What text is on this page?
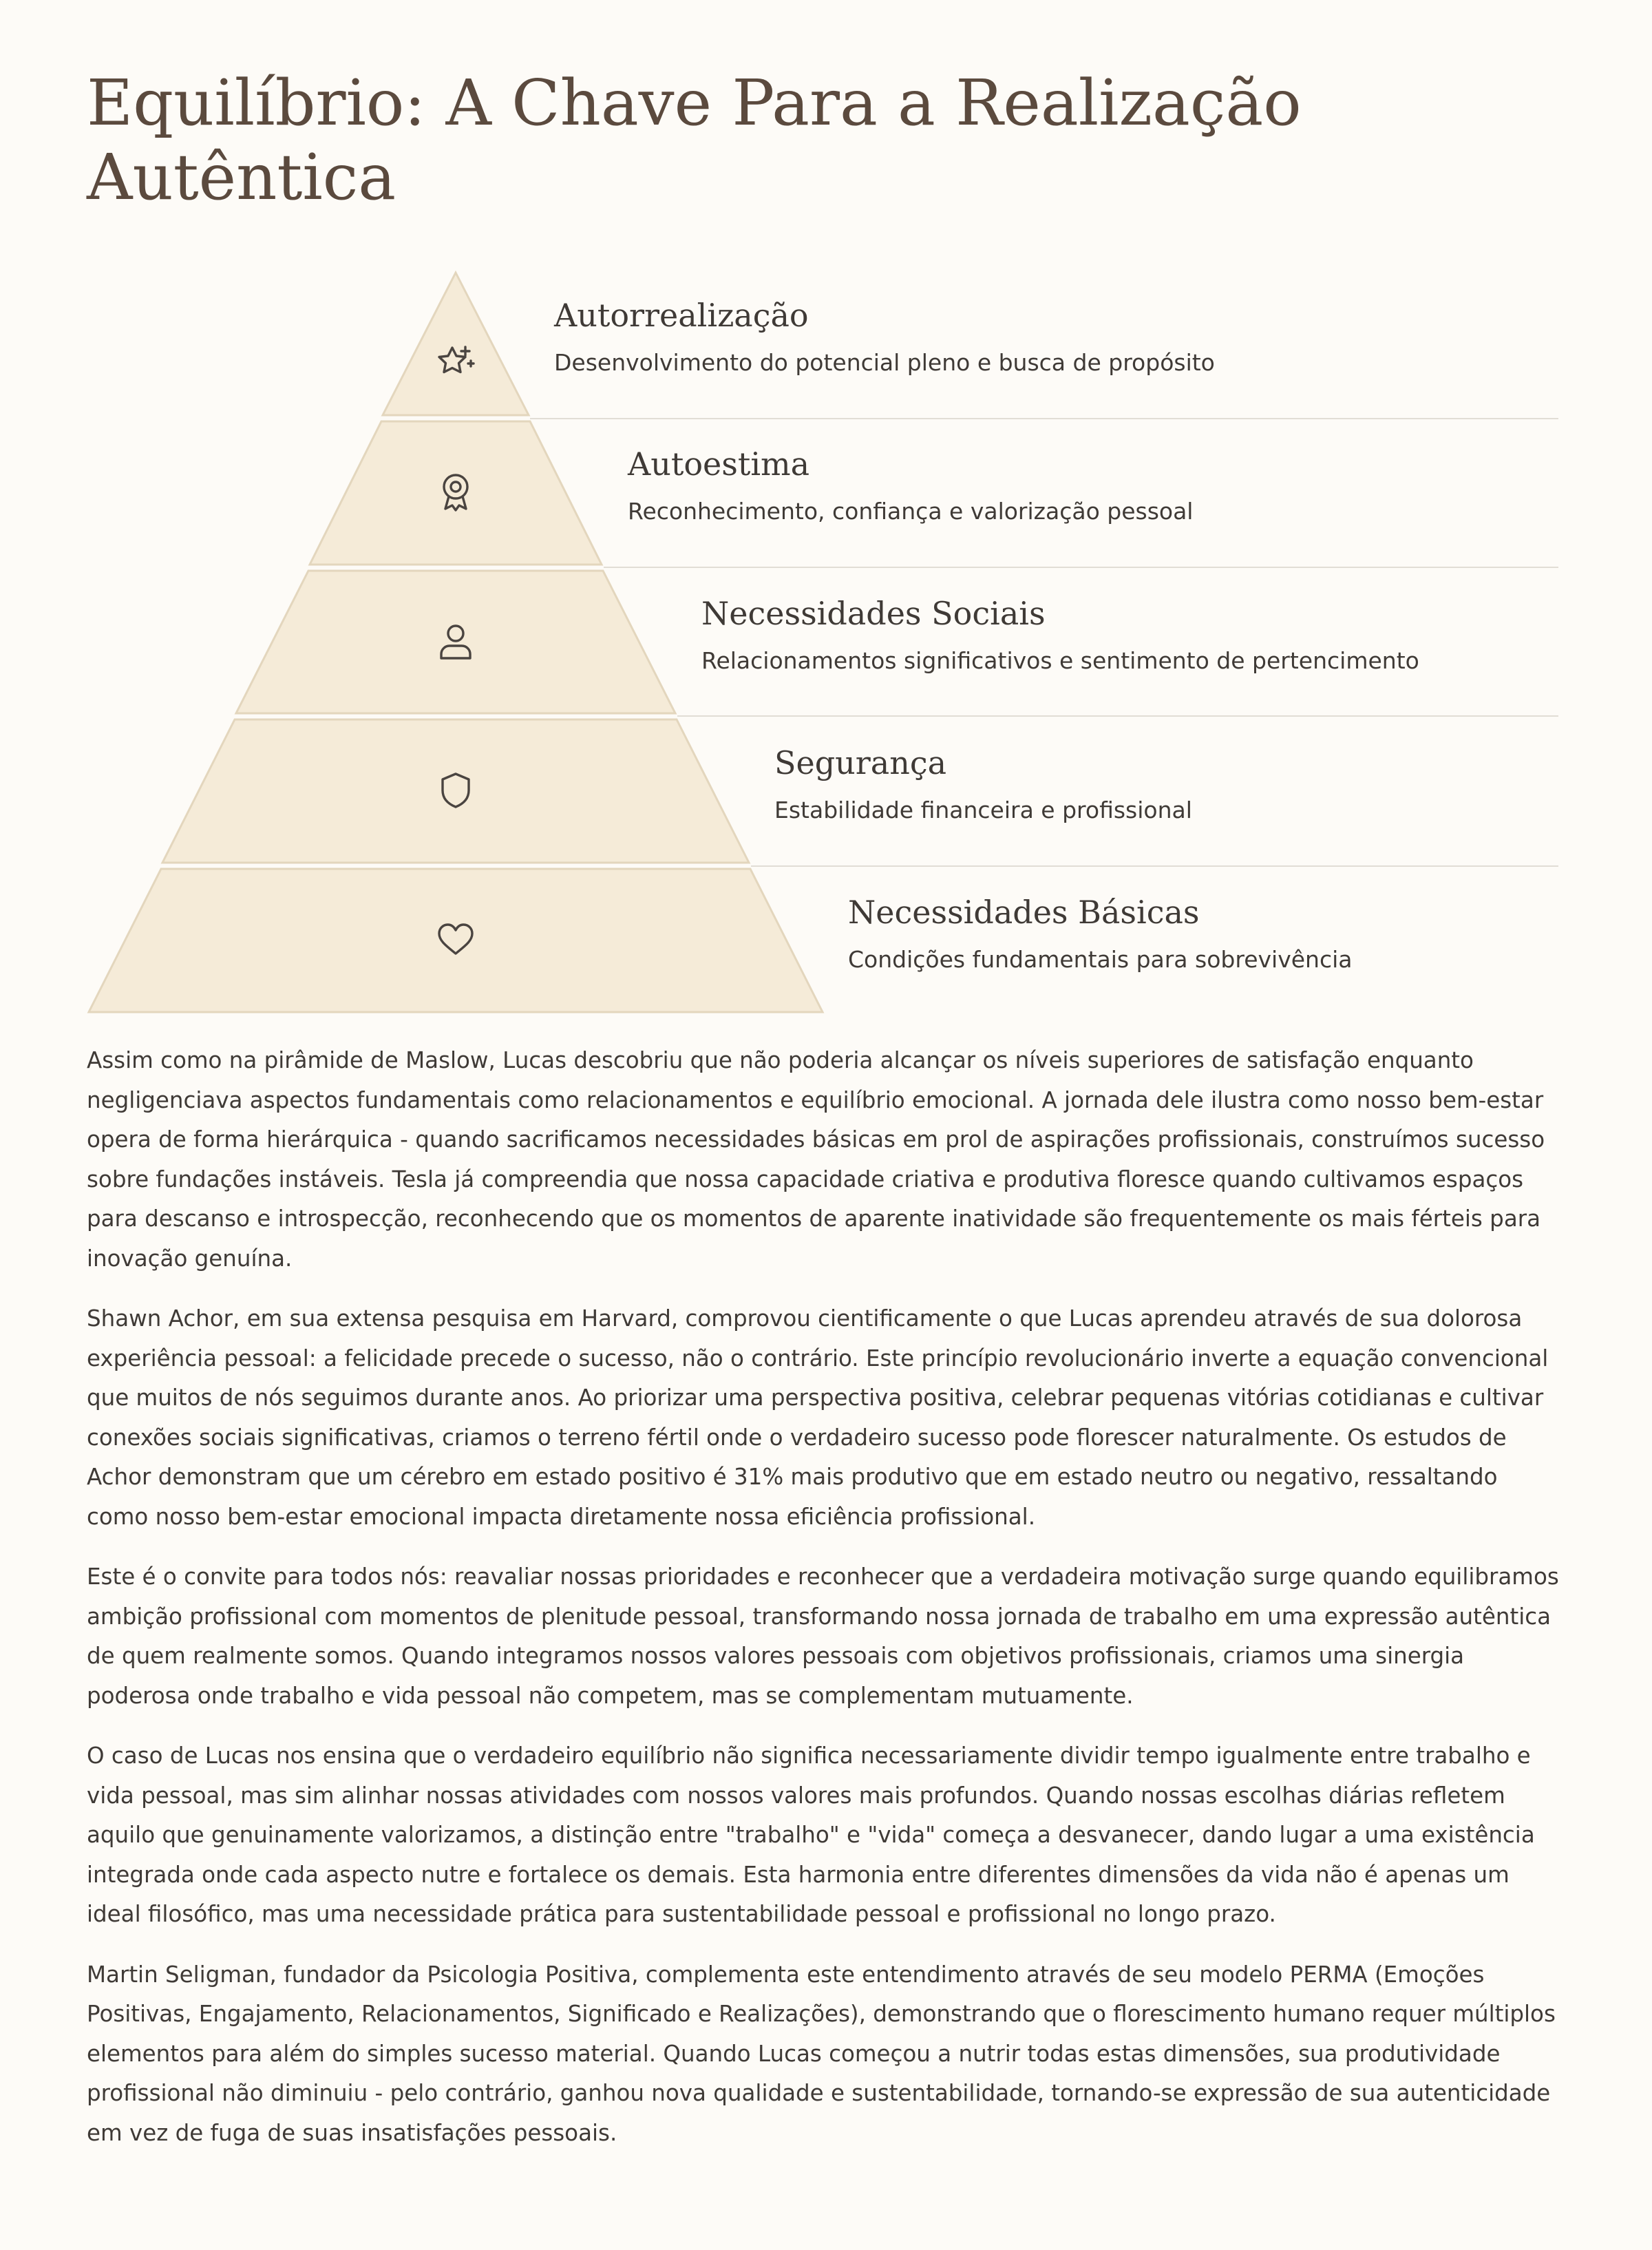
Equilíbrio: A Chave Para a Realização Autêntica
Autorrealização
Desenvolvimento do potencial pleno e busca de propósito
Autoestima
Reconhecimento, confiança e valorização pessoal
Necessidades Sociais
Relacionamentos significativos e sentimento de pertencimento
Segurança
Estabilidade financeira e profissional
Necessidades Básicas
Condições fundamentais para sobrevivência

Assim como na pirâmide de Maslow, Lucas descobriu que não poderia alcançar os níveis superiores de satisfação enquanto negligenciava aspectos fundamentais como relacionamentos e equilíbrio emocional. A jornada dele ilustra como nosso bem-estar opera de forma hierárquica - quando sacrificamos necessidades básicas em prol de aspirações profissionais, construímos sucesso sobre fundações instáveis. Tesla já compreendia que nossa capacidade criativa e produtiva floresce quando cultivamos espaços para descanso e introspecção, reconhecendo que os momentos de aparente inatividade são frequentemente os mais férteis para inovação genuína.

Shawn Achor, em sua extensa pesquisa em Harvard, comprovou cientificamente o que Lucas aprendeu através de sua dolorosa experiência pessoal: a felicidade precede o sucesso, não o contrário. Este princípio revolucionário inverte a equação convencional que muitos de nós seguimos durante anos. Ao priorizar uma perspectiva positiva, celebrar pequenas vitórias cotidianas e cultivar conexões sociais significativas, criamos o terreno fértil onde o verdadeiro sucesso pode florescer naturalmente. Os estudos de Achor demonstram que um cérebro em estado positivo é 31% mais produtivo que em estado neutro ou negativo, ressaltando como nosso bem-estar emocional impacta diretamente nossa eficiência profissional.

Este é o convite para todos nós: reavaliar nossas prioridades e reconhecer que a verdadeira motivação surge quando equilibramos ambição profissional com momentos de plenitude pessoal, transformando nossa jornada de trabalho em uma expressão autêntica de quem realmente somos. Quando integramos nossos valores pessoais com objetivos profissionais, criamos uma sinergia poderosa onde trabalho e vida pessoal não competem, mas se complementam mutuamente.

O caso de Lucas nos ensina que o verdadeiro equilíbrio não significa necessariamente dividir tempo igualmente entre trabalho e vida pessoal, mas sim alinhar nossas atividades com nossos valores mais profundos. Quando nossas escolhas diárias refletem aquilo que genuinamente valorizamos, a distinção entre "trabalho" e "vida" começa a desvanecer, dando lugar a uma existência integrada onde cada aspecto nutre e fortalece os demais. Esta harmonia entre diferentes dimensões da vida não é apenas um ideal filosófico, mas uma necessidade prática para sustentabilidade pessoal e profissional no longo prazo.

Martin Seligman, fundador da Psicologia Positiva, complementa este entendimento através de seu modelo PERMA (Emoções Positivas, Engajamento, Relacionamentos, Significado e Realizações), demonstrando que o florescimento humano requer múltiplos elementos para além do simples sucesso material. Quando Lucas começou a nutrir todas estas dimensões, sua produtividade profissional não diminuiu - pelo contrário, ganhou nova qualidade e sustentabilidade, tornando-se expressão de sua autenticidade em vez de fuga de suas insatisfações pessoais.
